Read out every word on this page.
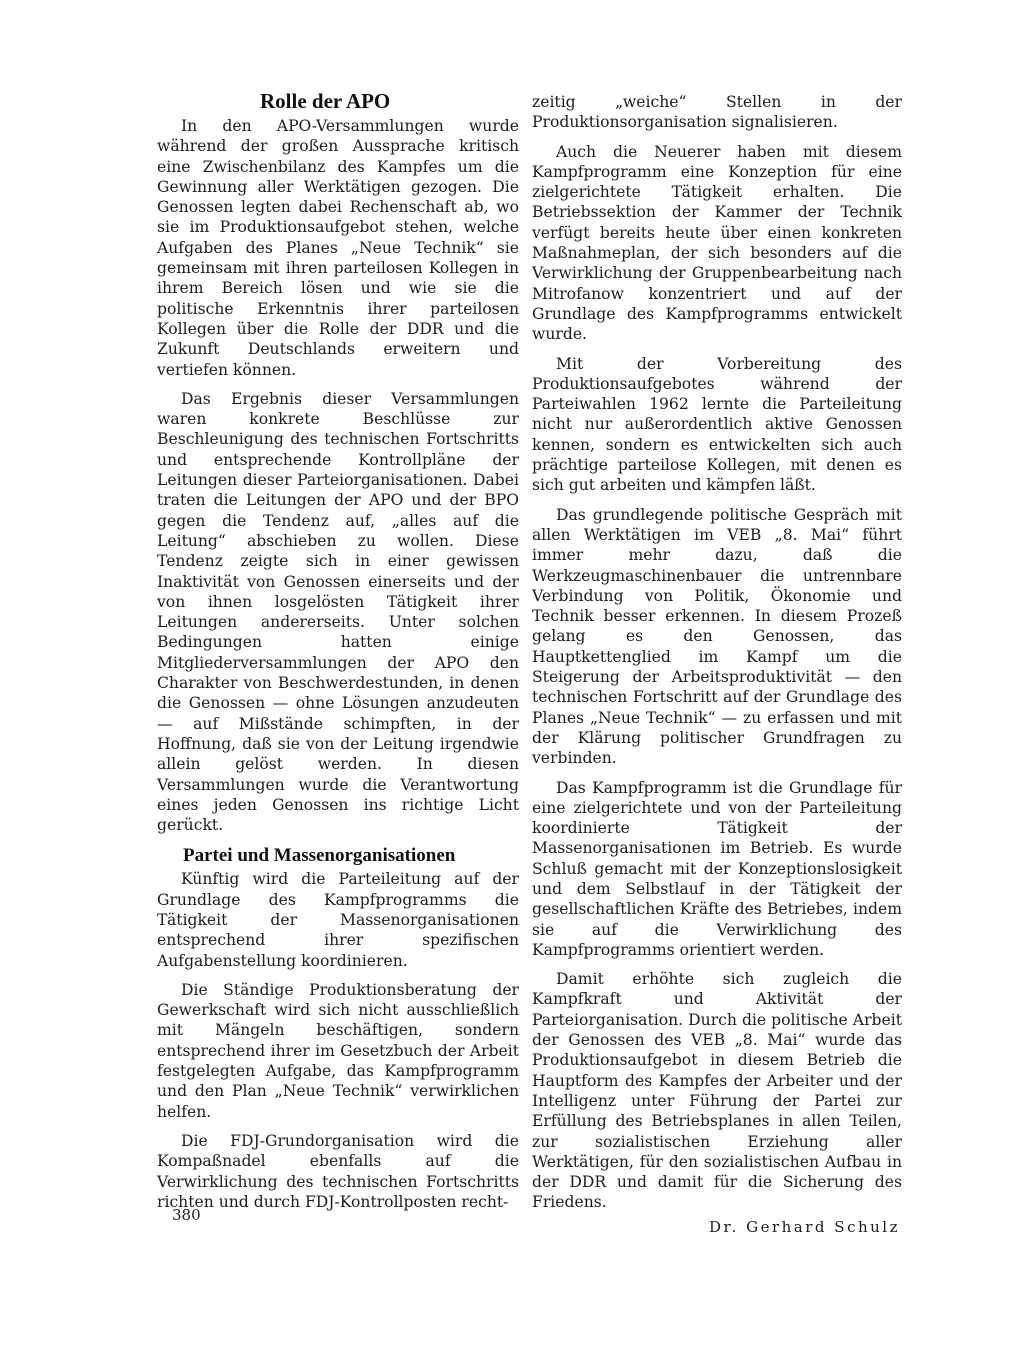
Rolle der APO

In den APO-Versammlungen wurde während der großen Aussprache kritisch eine Zwischenbilanz des Kampfes um die Gewinnung aller Werktätigen gezogen. Die Genossen legten dabei Rechenschaft ab, wo sie im Produktionsaufgebot stehen, welche Aufgaben des Planes „Neue Technik“ sie gemeinsam mit ihren parteilosen Kollegen in ihrem Bereich lösen und wie sie die politische Erkenntnis ihrer parteilosen Kollegen über die Rolle der DDR und die Zukunft Deutschlands erweitern und vertiefen können.

Das Ergebnis dieser Versammlungen waren konkrete Beschlüsse zur Beschleunigung des technischen Fortschritts und entsprechende Kontrollpläne der Leitungen dieser Parteiorganisationen. Dabei traten die Leitungen der APO und der BPO gegen die Tendenz auf, „alles auf die Leitung“ abschieben zu wollen. Diese Tendenz zeigte sich in einer gewissen Inaktivität von Genossen einerseits und der von ihnen losgelösten Tätigkeit ihrer Leitungen andererseits. Unter solchen Bedingungen hatten einige Mitgliederversammlungen der APO den Charakter von Beschwerdestunden, in denen die Genossen — ohne Lösungen anzudeuten — auf Mißstände schimpften, in der Hoffnung, daß sie von der Leitung irgendwie allein gelöst werden. In diesen Versammlungen wurde die Verantwortung eines jeden Genossen ins richtige Licht gerückt.

Partei und Massenorganisationen

Künftig wird die Parteileitung auf der Grundlage des Kampfprogramms die Tätigkeit der Massenorganisationen entsprechend ihrer spezifischen Aufgabenstellung koordinieren.

Die Ständige Produktionsberatung der Gewerkschaft wird sich nicht ausschließlich mit Mängeln beschäftigen, sondern entsprechend ihrer im Gesetzbuch der Arbeit festgelegten Aufgabe, das Kampfprogramm und den Plan „Neue Technik“ verwirklichen helfen.

Die FDJ-Grundorganisation wird die Kompaßnadel ebenfalls auf die Verwirklichung des technischen Fortschritts richten und durch FDJ-Kontrollposten recht-

zeitig „weiche“ Stellen in der Produktionsorganisation signalisieren.

Auch die Neuerer haben mit diesem Kampfprogramm eine Konzeption für eine zielgerichtete Tätigkeit erhalten. Die Betriebssektion der Kammer der Technik verfügt bereits heute über einen konkreten Maßnahmeplan, der sich besonders auf die Verwirklichung der Gruppenbearbeitung nach Mitrofanow konzentriert und auf der Grundlage des Kampfprogramms entwickelt wurde.

Mit der Vorbereitung des Produktionsaufgebotes während der Parteiwahlen 1962 lernte die Parteileitung nicht nur außerordentlich aktive Genossen kennen, sondern es entwickelten sich auch prächtige parteilose Kollegen, mit denen es sich gut arbeiten und kämpfen läßt.

Das grundlegende politische Gespräch mit allen Werktätigen im VEB „8. Mai“ führt immer mehr dazu, daß die Werkzeugmaschinenbauer die untrennbare Verbindung von Politik, Ökonomie und Technik besser erkennen. In diesem Prozeß gelang es den Genossen, das Hauptkettenglied im Kampf um die Steigerung der Arbeitsproduktivität — den technischen Fortschritt auf der Grundlage des Planes „Neue Technik“ — zu erfassen und mit der Klärung politischer Grundfragen zu verbinden.

Das Kampfprogramm ist die Grundlage für eine zielgerichtete und von der Parteileitung koordinierte Tätigkeit der Massenorganisationen im Betrieb. Es wurde Schluß gemacht mit der Konzeptionslosigkeit und dem Selbstlauf in der Tätigkeit der gesellschaftlichen Kräfte des Betriebes, indem sie auf die Verwirklichung des Kampfprogramms orientiert werden.

Damit erhöhte sich zugleich die Kampfkraft und Aktivität der Parteiorganisation. Durch die politische Arbeit der Genossen des VEB „8. Mai“ wurde das Produktionsaufgebot in diesem Betrieb die Hauptform des Kampfes der Arbeiter und der Intelligenz unter Führung der Partei zur Erfüllung des Betriebsplanes in allen Teilen, zur sozialistischen Erziehung aller Werktätigen, für den sozialistischen Aufbau in der DDR und damit für die Sicherung des Friedens.

Dr. Gerhard Schulz
380
